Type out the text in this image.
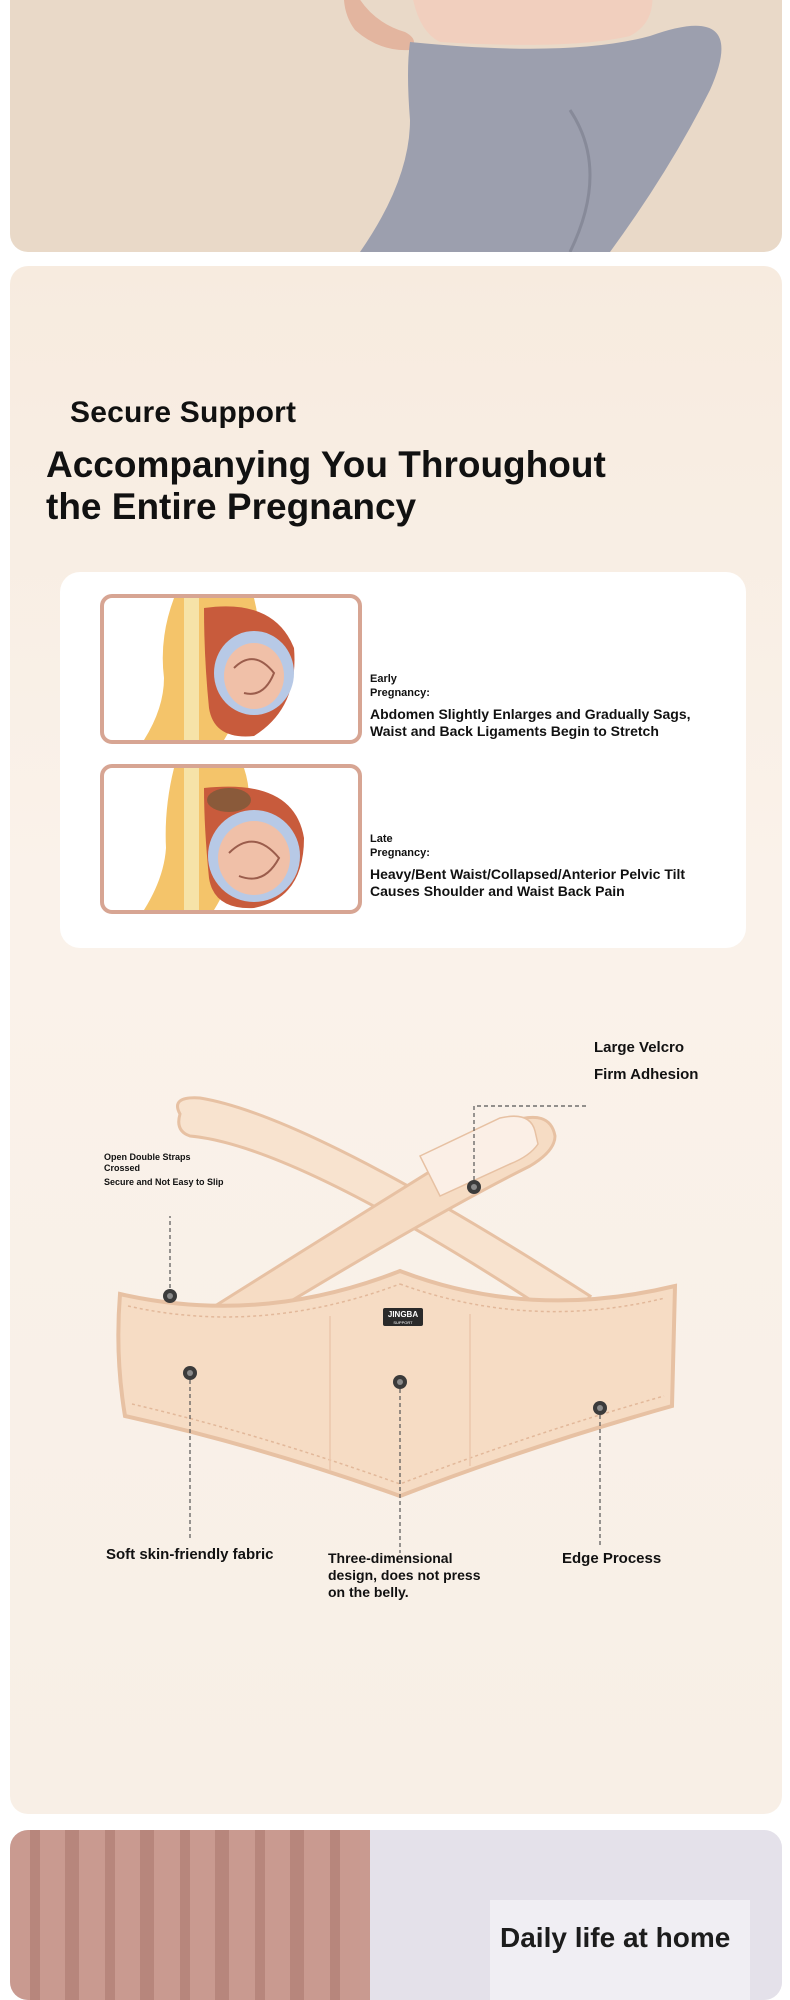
Secure Support
Accompanying You Throughout
the Entire Pregnancy
Early
Pregnancy:
Abdomen Slightly Enlarges and Gradually Sags,
Waist and Back Ligaments Begin to Stretch
Late
Pregnancy:
Heavy/Bent Waist/Collapsed/Anterior Pelvic Tilt
Causes Shoulder and Waist Back Pain
JINGBA
SUPPORT
Large Velcro
Firm Adhesion
Open Double Straps
Crossed
Secure and Not Easy to Slip
Soft skin-friendly fabric	Three-dimensional
design, does not press
on the belly.
Edge Process
Daily life at home
